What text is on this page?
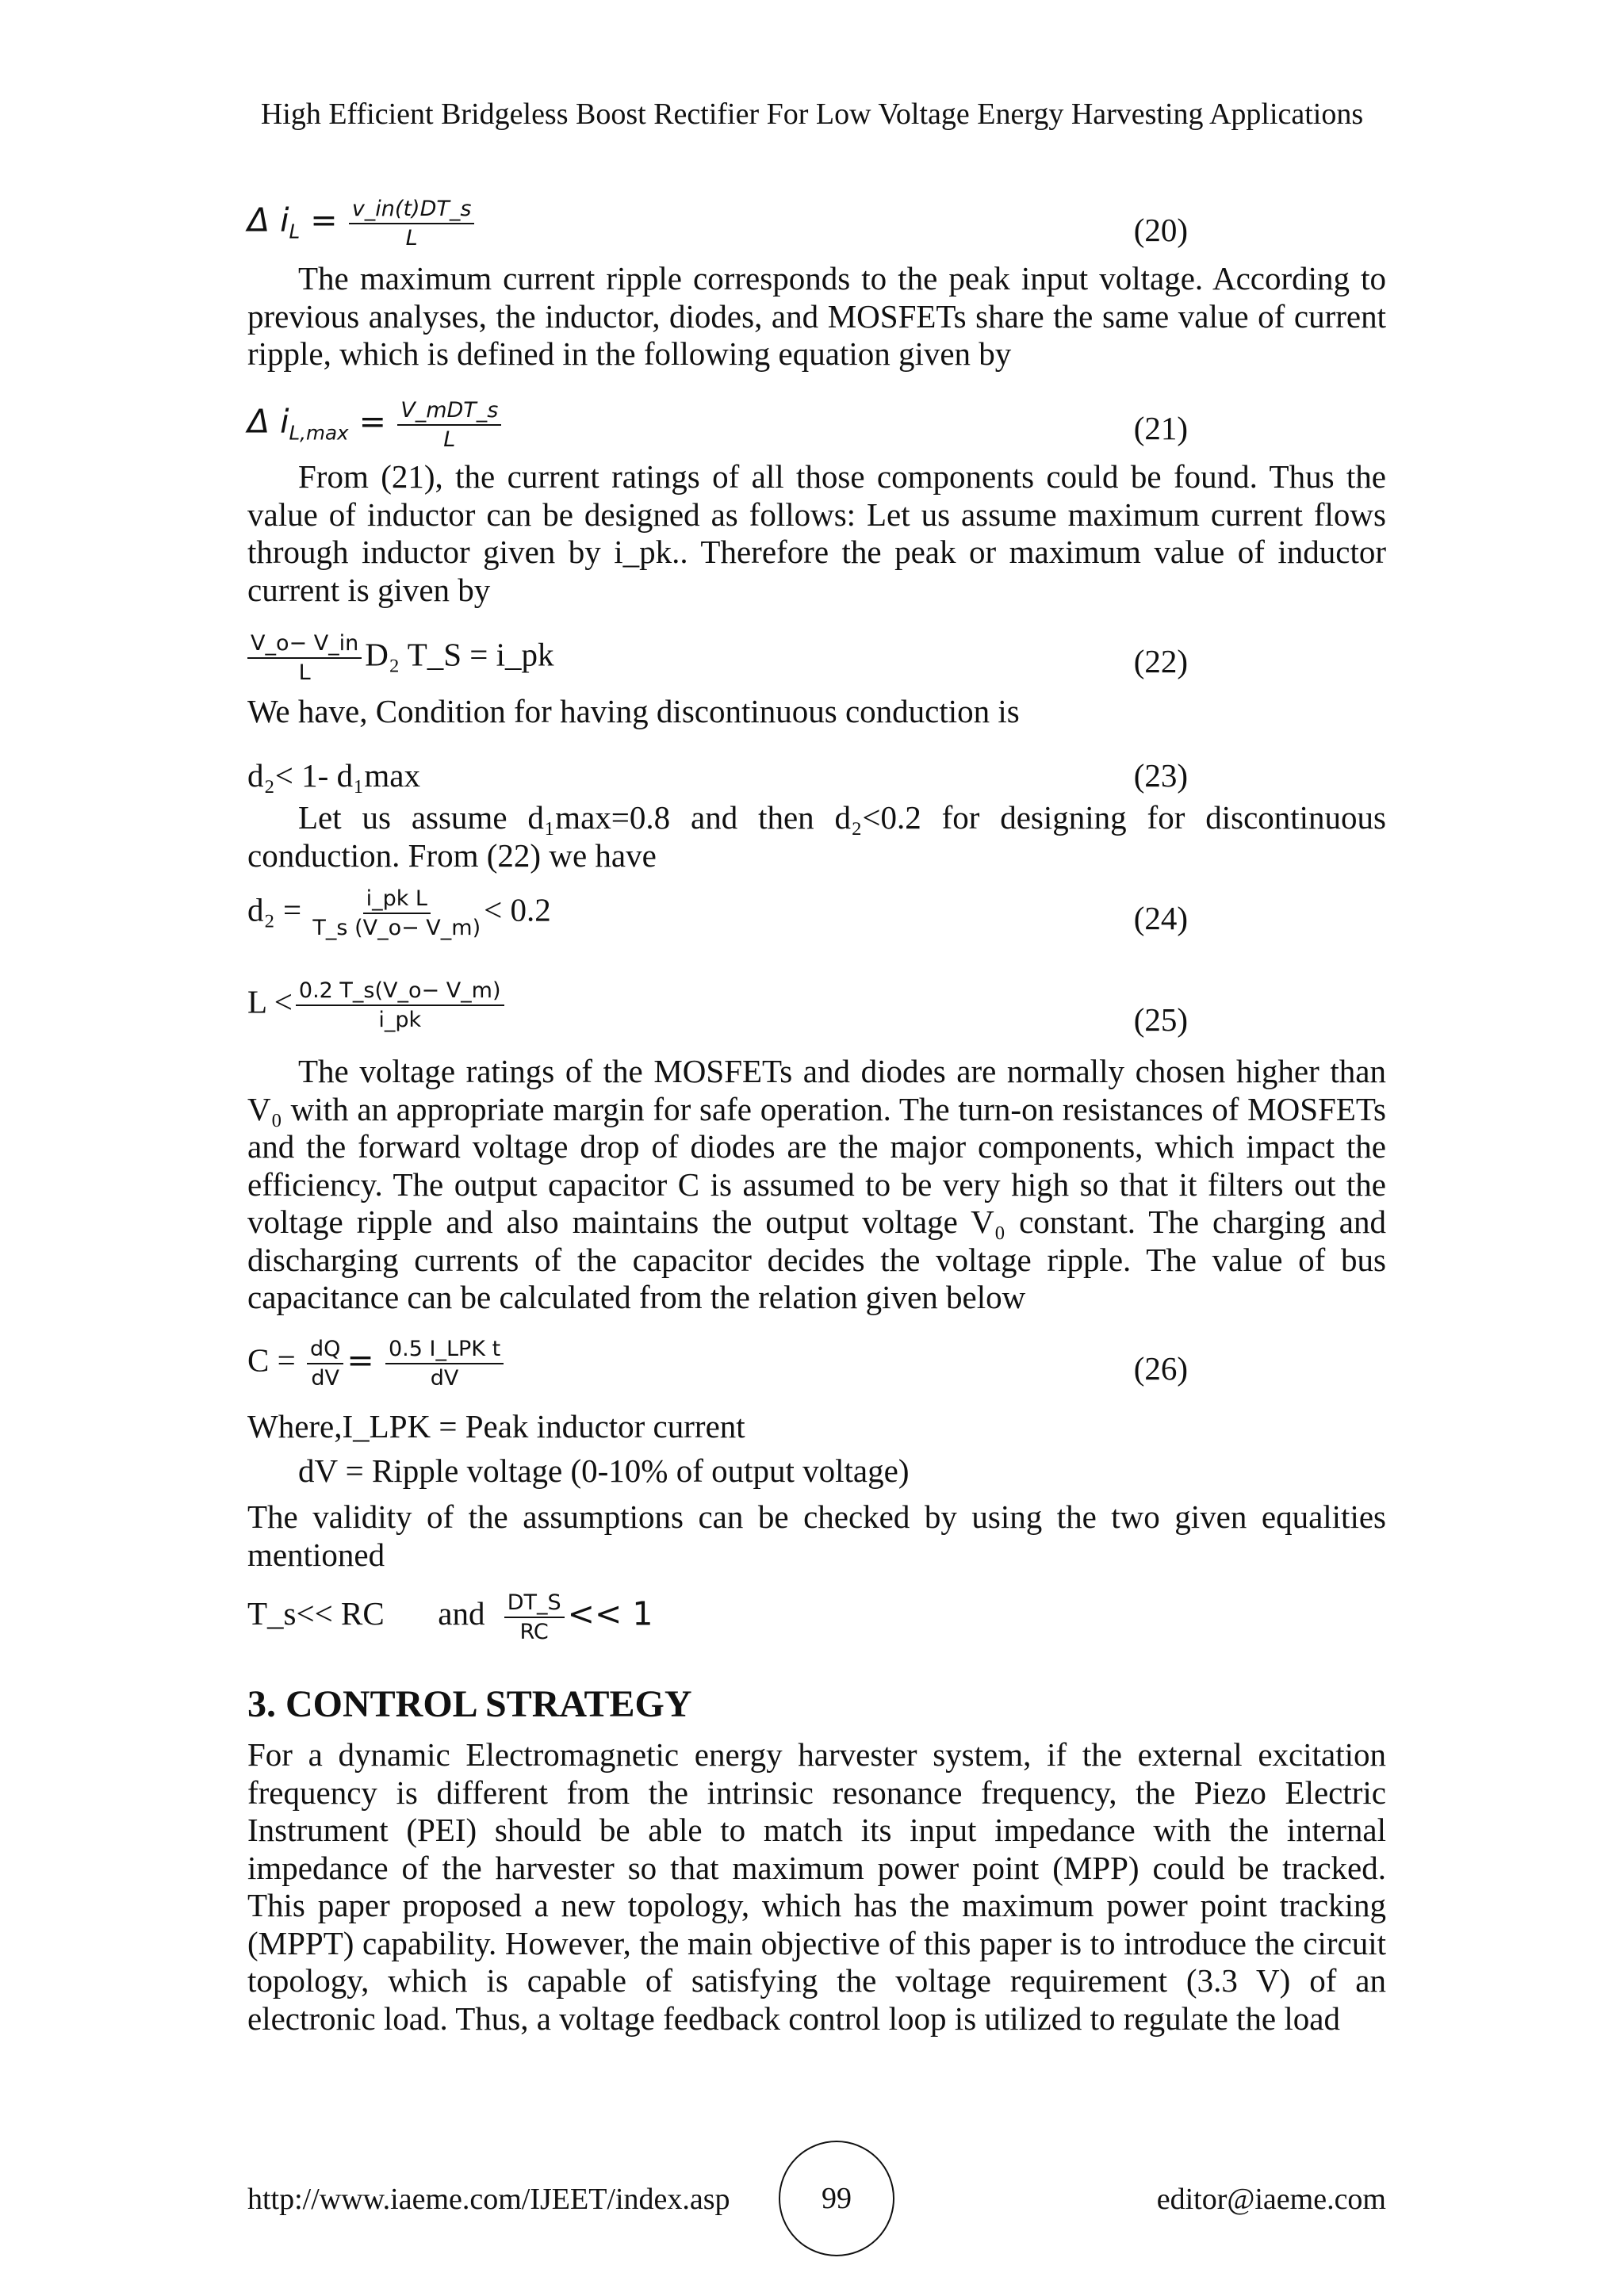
High Efficient Bridgeless Boost Rectifier For Low Voltage Energy Harvesting Applications
Δ $i_L = \frac{v\_in(t)DT\_s}{L}$	(20)
The maximum current ripple corresponds to the peak input voltage. According to previous analyses, the inductor, diodes, and MOSFETs share the same value of current ripple, which is defined in the following equation given by
Δ $i_{L,max} = \frac{\text{V\_mDT\_s}}{L}$	(21)
From (21), the current ratings of all those components could be found. Thus the value of inductor can be designed as follows: Let us assume maximum current flows through inductor given by i_pk.. Therefore the peak or maximum value of inductor current is given by
$\frac{V\_o- V\_in}{L} D_2$ T_S = i_pk	(22)
We have, Condition for having discontinuous conduction is
d₂< 1- d₁max	(23)
Let us assume d₁max=0.8 and then d₂<0.2 for designing for discontinuous conduction. From (22) we have
$d_2 = \frac{\text{i\_pk L}}{T\_s (V\_o- V\_m)} < 0.2$	(24)
$L < \frac{0.2 T\_s(V\_o- V\_m)}{i\_pk}$	(25)
The voltage ratings of the MOSFETs and diodes are normally chosen higher than V₀ with an appropriate margin for safe operation. The turn-on resistances of MOSFETs and the forward voltage drop of diodes are the major components, which impact the efficiency. The output capacitor C is assumed to be very high so that it filters out the voltage ripple and also maintains the output voltage V₀ constant. The charging and discharging currents of the capacitor decides the voltage ripple. The value of bus capacitance can be calculated from the relation given below
$C = \frac{dQ}{dV} = \frac{\text{0.5 I\_LPK t}}{dV}$	(26)
Where,I_LPK = Peak inductor current
dV = Ripple voltage (0-10% of output voltage)
The validity of the assumptions can be checked by using the two given equalities mentioned
T_s<< RC and $\frac{DT\_S}{RC} << 1$
3. CONTROL STRATEGY
For a dynamic Electromagnetic energy harvester system, if the external excitation frequency is different from the intrinsic resonance frequency, the Piezo Electric Instrument (PEI) should be able to match its input impedance with the internal impedance of the harvester so that maximum power point (MPP) could be tracked. This paper proposed a new topology, which has the maximum power point tracking (MPPT) capability. However, the main objective of this paper is to introduce the circuit topology, which is capable of satisfying the voltage requirement (3.3 V) of an electronic load. Thus, a voltage feedback control loop is utilized to regulate the load
http://www.iaeme.com/IJEET/index.asp	99	editor@iaeme.com
